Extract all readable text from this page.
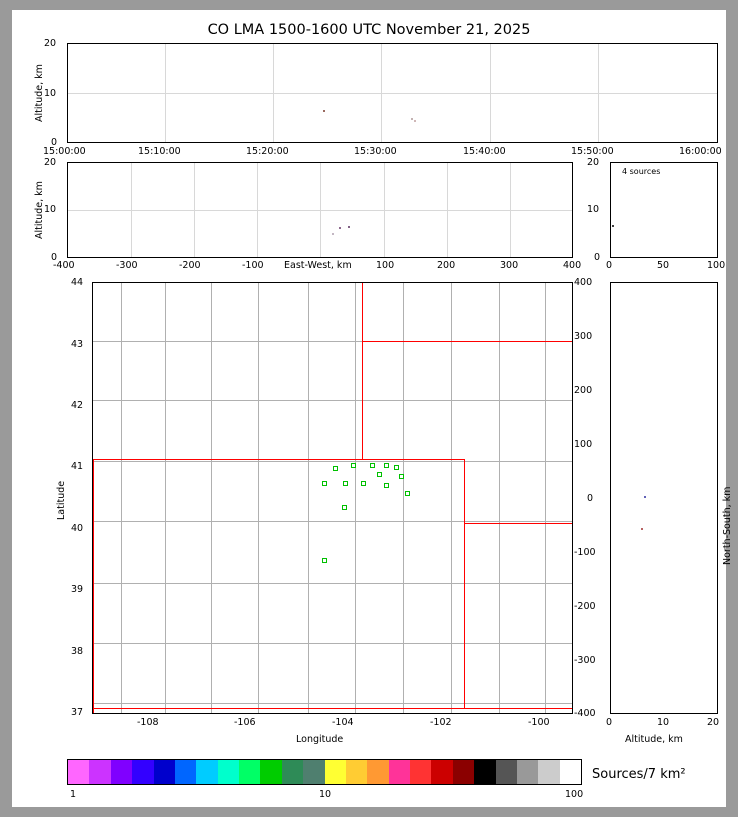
CO LMA 1500-1600 UTC November 21, 2025
20
10
0
Altitude, km
15:00:00	15:10:00	15:20:00	15:30:00	15:40:00	15:50:00	16:00:00
20
10
0
Altitude, km
-400	-300	-200	-100	100	200	300	400
East-West, km
4 sources
20
10
0
0	50	100
44
43
42
41
40
39
38
37
Latitude
-108	-106	-104	-102	-100
Longitude
400
300
200
100
0
-100
-200
-300
-400
North-South, km
0	10	20
Altitude, km
Sources/7 km²
1	10	100
